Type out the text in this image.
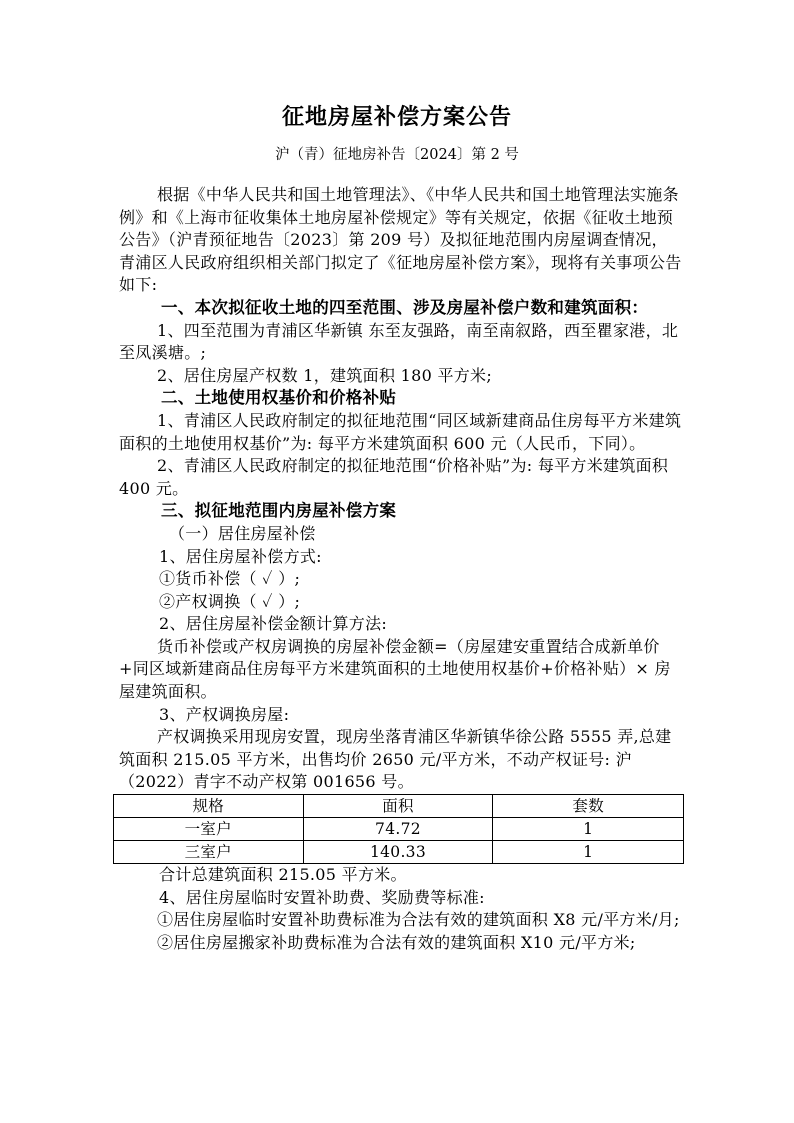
征地房屋补偿方案公告
沪（青）征地房补告〔2024〕第 2 号

根据《中华人民共和国土地管理法》、《中华人民共和国土地管理法实施条例》和《上海市征收集体土地房屋补偿规定》等有关规定，依据《征收土地预公告》（沪青预征地告〔2023〕第 209 号）及拟征地范围内房屋调查情况，青浦区人民政府组织相关部门拟定了《征地房屋补偿方案》，现将有关事项公告如下:

一、本次拟征收土地的四至范围、涉及房屋补偿户数和建筑面积：

1、四至范围为青浦区华新镇 东至友强路，南至南叙路，西至瞿家港，北至凤溪塘。;

2、居住房屋产权数 1，建筑面积 180 平方米;

二、土地使用权基价和价格补贴

1、青浦区人民政府制定的拟征地范围“同区域新建商品住房每平方米建筑面积的土地使用权基价”为: 每平方米建筑面积 600 元（人民币，下同）。

2、青浦区人民政府制定的拟征地范围“价格补贴”为: 每平方米建筑面积 400 元。

三、拟征地范围内房屋补偿方案

（一）居住房屋补偿

1、居住房屋补偿方式:

①货币补偿（ ✓ ）;

②产权调换（ ✓ ）;

2、居住房屋补偿金额计算方法:

货币补偿或产权房调换的房屋补偿金额=（房屋建安重置结合成新单价+同区域新建商品住房每平方米建筑面积的土地使用权基价+价格补贴）× 房屋建筑面积。

3、产权调换房屋:

产权调换采用现房安置，现房坐落青浦区华新镇华徐公路 5555 弄,总建筑面积 215.05 平方米，出售均价 2650 元/平方米，不动产权证号: 沪（2022）青字不动产权第 001656 号。

规格	面积	套数
一室户	74.72	1
三室户	140.33	1

合计总建筑面积 215.05 平方米。

4、居住房屋临时安置补助费、奖励费等标准:

①居住房屋临时安置补助费标准为合法有效的建筑面积 X8 元/平方米/月;

②居住房屋搬家补助费标准为合法有效的建筑面积 X10 元/平方米;
